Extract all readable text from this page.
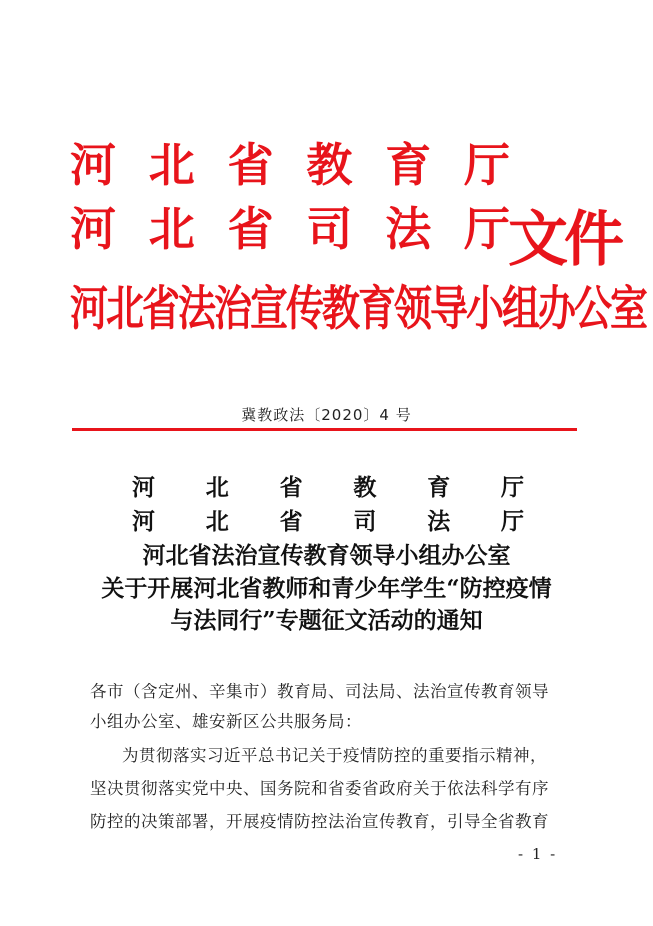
河 北 省 教 育 厅
河 北 省 司 法 厅
文件
河北省法治宣传教育领导小组办公室
冀教政法〔2020〕4 号
河 北 省 教 育 厅
河 北 省 司 法 厅
河北省法治宣传教育领导小组办公室
关于开展河北省教师和青少年学生“防控疫情
与法同行”专题征文活动的通知
各市（含定州、辛集市）教育局、司法局、法治宣传教育领导
小组办公室、雄安新区公共服务局：
为贯彻落实习近平总书记关于疫情防控的重要指示精神，
坚决贯彻落实党中央、国务院和省委省政府关于依法科学有序
防控的决策部署，开展疫情防控法治宣传教育，引导全省教育
- 1 -
